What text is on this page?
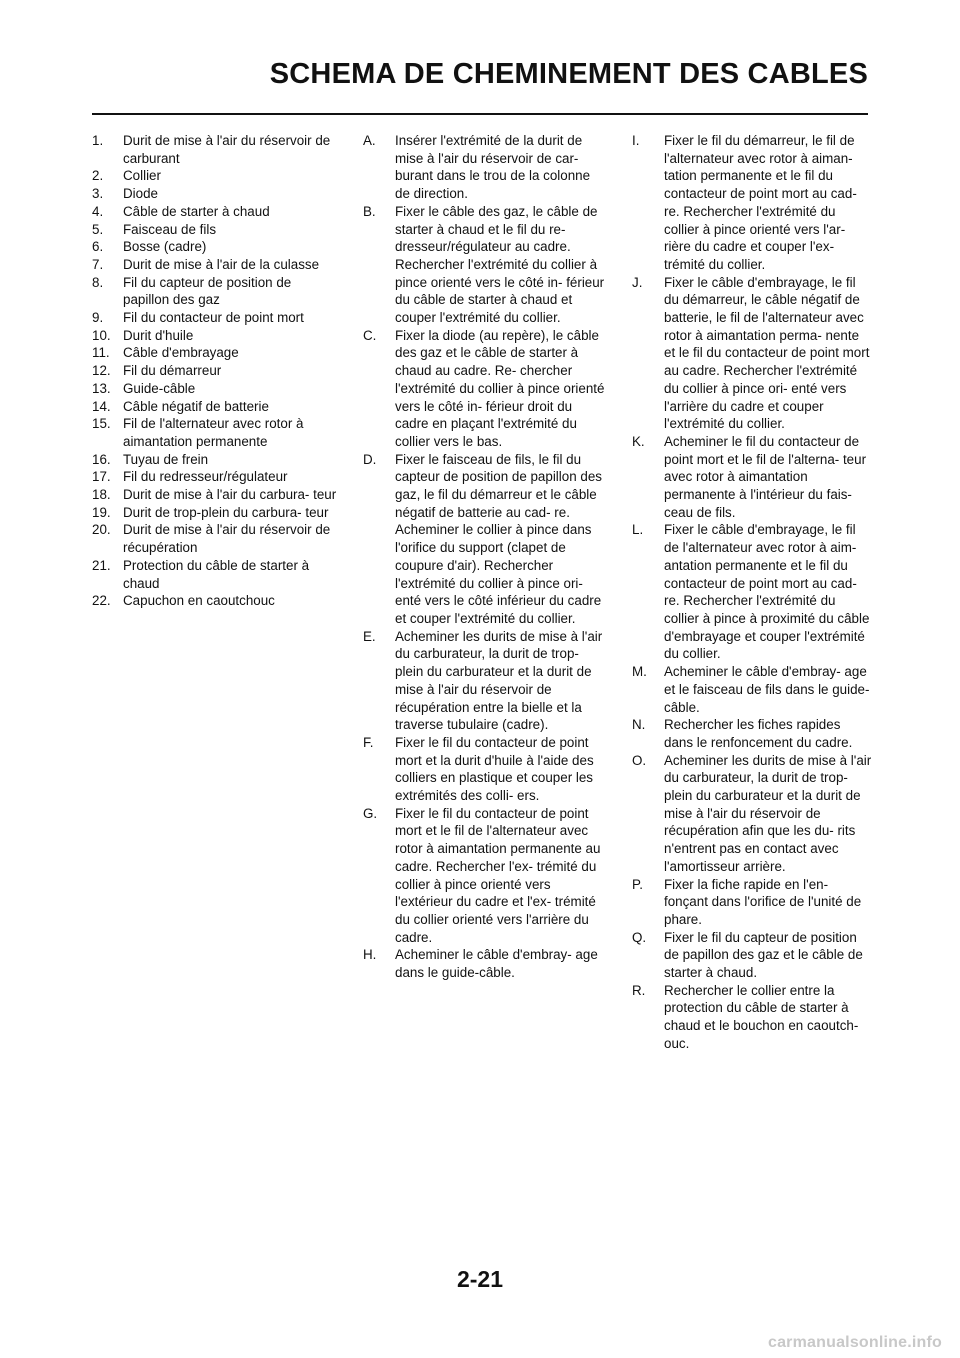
SCHEMA DE CHEMINEMENT DES CABLES
1.	Durit de mise à l'air du réservoir de carburant
2.	Collier
3.	Diode
4.	Câble de starter à chaud
5.	Faisceau de fils
6.	Bosse (cadre)
7.	Durit de mise à l'air de la culasse
8.	Fil du capteur de position de papillon des gaz
9.	Fil du contacteur de point mort
10. Durit d'huile
11. Câble d'embrayage
12. Fil du démarreur
13. Guide-câble
14. Câble négatif de batterie
15. Fil de l'alternateur avec rotor à aimantation permanente
16. Tuyau de frein
17. Fil du redresseur/régulateur
18. Durit de mise à l'air du carbura- teur
19. Durit de trop-plein du carbura- teur
20. Durit de mise à l'air du réservoir de récupération
21. Protection du câble de starter à chaud
22. Capuchon en caoutchouc
A.	Insérer l'extrémité de la durit de mise à l'air du réservoir de car- burant dans le trou de la colonne de direction.
B.	Fixer le câble des gaz, le câble de starter à chaud et le fil du re- dresseur/régulateur au cadre. Rechercher l'extrémité du collier à pince orienté vers le côté in- férieur du câble de starter à chaud et couper l'extrémité du collier.
C.	Fixer la diode (au repère), le câble des gaz et le câble de starter à chaud au cadre. Re- chercher l'extrémité du collier à pince orienté vers le côté in- férieur droit du cadre en plaçant l'extrémité du collier vers le bas.
D.	Fixer le faisceau de fils, le fil du capteur de position de papillon des gaz, le fil du démarreur et le câble négatif de batterie au cad- re. Acheminer le collier à pince dans l'orifice du support (clapet de coupure d'air). Rechercher l'extrémité du collier à pince ori- enté vers le côté inférieur du cadre et couper l'extrémité du collier.
E.	Acheminer les durits de mise à l'air du carburateur, la durit de trop-plein du carburateur et la durit de mise à l'air du réservoir de récupération entre la bielle et la traverse tubulaire (cadre).
F.	Fixer le fil du contacteur de point mort et la durit d'huile à l'aide des colliers en plastique et couper les extrémités des colli- ers.
G.	Fixer le fil du contacteur de point mort et le fil de l'alternateur avec rotor à aimantation permanente au cadre. Rechercher l'ex- trémité du collier à pince orienté vers l'extérieur du cadre et l'ex- trémité du collier orienté vers l'arrière du cadre.
H.	Acheminer le câble d'embray- age dans le guide-câble.
I.	Fixer le fil du démarreur, le fil de l'alternateur avec rotor à aiman- tation permanente et le fil du contacteur de point mort au cad- re. Rechercher l'extrémité du collier à pince orienté vers l'ar- rière du cadre et couper l'ex- trémité du collier.
J.	Fixer le câble d'embrayage, le fil du démarreur, le câble négatif de batterie, le fil de l'alternateur avec rotor à aimantation perma- nente et le fil du contacteur de point mort au cadre. Rechercher l'extrémité du collier à pince ori- enté vers l'arrière du cadre et couper l'extrémité du collier.
K.	Acheminer le fil du contacteur de point mort et le fil de l'alterna- teur avec rotor à aimantation permanente à l'intérieur du fais- ceau de fils.
L.	Fixer le câble d'embrayage, le fil de l'alternateur avec rotor à aim- antation permanente et le fil du contacteur de point mort au cad- re. Rechercher l'extrémité du collier à pince à proximité du câble d'embrayage et couper l'extrémité du collier.
M.	Acheminer le câble d'embray- age et le faisceau de fils dans le guide-câble.
N.	Rechercher les fiches rapides dans le renfoncement du cadre.
O.	Acheminer les durits de mise à l'air du carburateur, la durit de trop-plein du carburateur et la durit de mise à l'air du réservoir de récupération afin que les du- rits n'entrent pas en contact avec l'amortisseur arrière.
P.	Fixer la fiche rapide en l'en- fonçant dans l'orifice de l'unité de phare.
Q.	Fixer le fil du capteur de position de papillon des gaz et le câble de starter à chaud.
R.	Rechercher le collier entre la protection du câble de starter à chaud et le bouchon en caoutch- ouc.
2-21
carmanualsonline.info
